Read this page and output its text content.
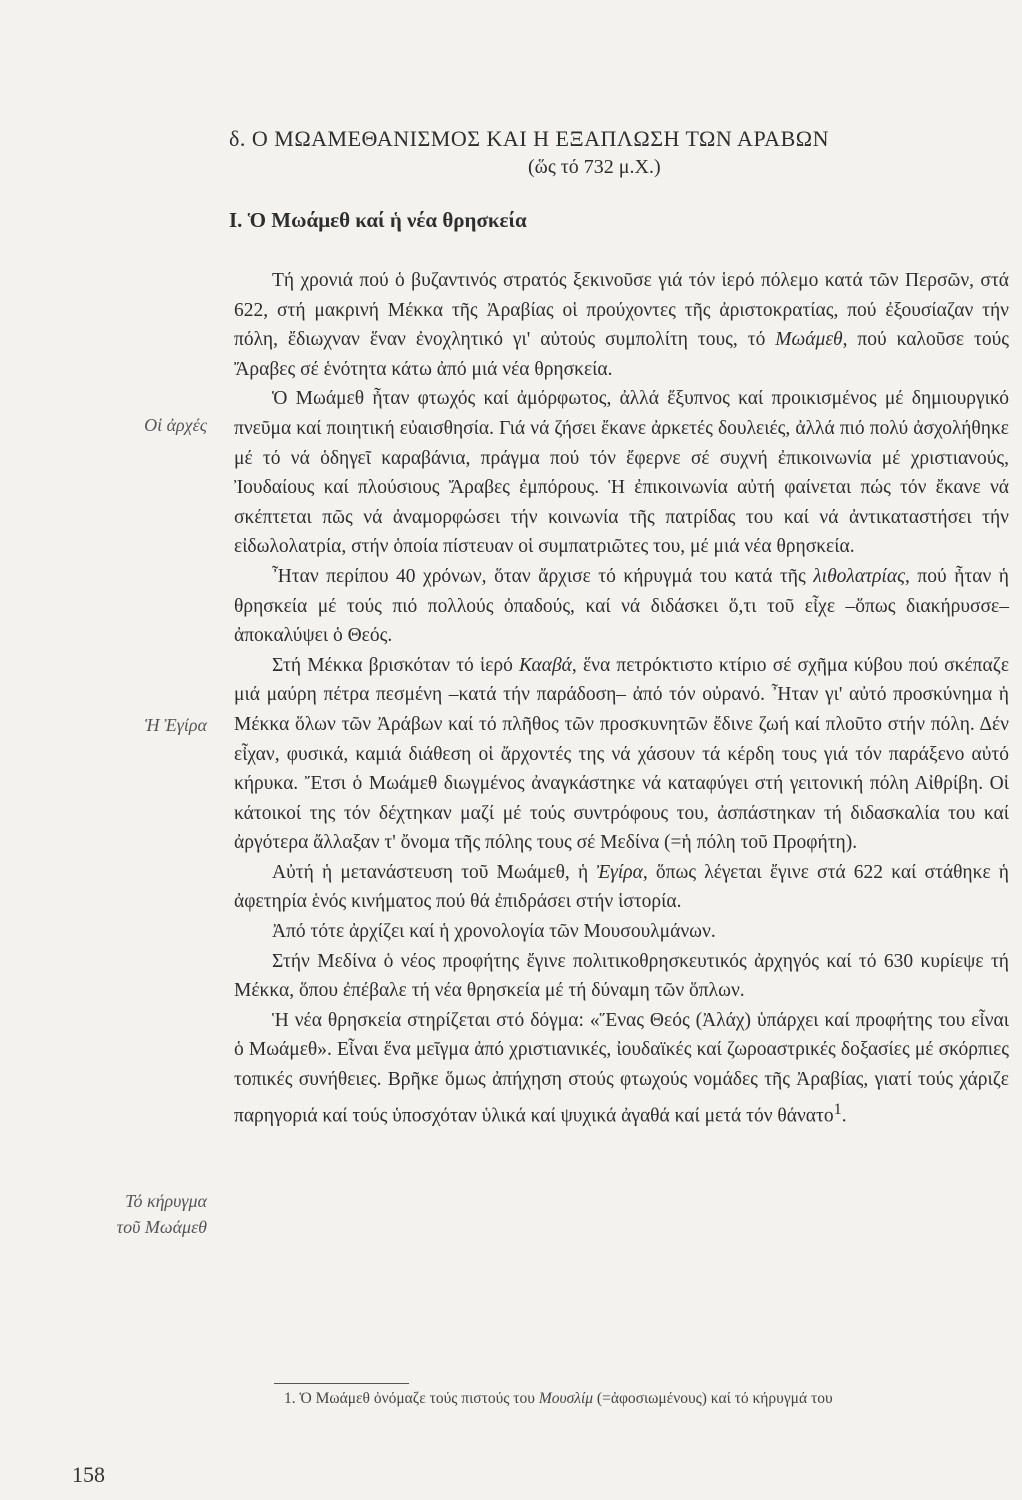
δ. Ο ΜΩΑΜΕΘΑΝΙΣΜΟΣ ΚΑΙ Η ΕΞΑΠΛΩΣΗ ΤΩΝ ΑΡΑΒΩΝ
(ὥς τό 732 μ.Χ.)
Ι. Ὁ Μωάμεθ καί ἡ νέα θρησκεία
Οἱ ἀρχές
Ἡ Ἐγίρα
Τό κήρυγμα
τοῦ Μωάμεθ

Τή χρονιά πού ὁ βυζαντινός στρατός ξεκινοῦσε γιά τόν ἱερό πόλεμο κατά τῶν Περσῶν, στά 622, στή μακρινή Μέκκα τῆς Ἀραβίας οἱ προύχοντες τῆς ἀριστοκρατίας, πού ἐξουσίαζαν τήν πόλη, ἔδιωχναν ἕναν ἐνοχλητικό γι' αὐτούς συμπολίτη τους, τό Μωάμεθ, πού καλοῦσε τούς Ἄραβες σέ ἑνότητα κάτω ἀπό μιά νέα θρησκεία.

Ὁ Μωάμεθ ἦταν φτωχός καί ἀμόρφωτος, ἀλλά ἔξυπνος καί προικισμένος μέ δημιουργικό πνεῦμα καί ποιητική εὐαισθησία. Γιά νά ζήσει ἔκανε ἀρκετές δουλειές, ἀλλά πιό πολύ ἀσχολήθηκε μέ τό νά ὁδηγεῖ καραβάνια, πράγμα πού τόν ἔφερνε σέ συχνή ἐπικοινωνία μέ χριστιανούς, Ἰουδαίους καί πλούσιους Ἄραβες ἐμπόρους. Ἡ ἐπικοινωνία αὐτή φαίνεται πώς τόν ἔκανε νά σκέπτεται πῶς νά ἀναμορφώσει τήν κοινωνία τῆς πατρίδας του καί νά ἀντικαταστήσει τήν εἰδωλολατρία, στήν ὁποία πίστευαν οἱ συμπατριῶτες του, μέ μιά νέα θρησκεία.

Ἦταν περίπου 40 χρόνων, ὅταν ἄρχισε τό κήρυγμά του κατά τῆς λιθολατρίας, πού ἦταν ἡ θρησκεία μέ τούς πιό πολλούς ὀπαδούς, καί νά διδάσκει ὅ,τι τοῦ εἶχε –ὅπως διακήρυσσε– ἀποκαλύψει ὁ Θεός.

Στή Μέκκα βρισκόταν τό ἱερό Κααβά, ἕνα πετρόκτιστο κτίριο σέ σχῆμα κύβου πού σκέπαζε μιά μαύρη πέτρα πεσμένη –κατά τήν παράδοση– ἀπό τόν οὐρανό. Ἦταν γι' αὐτό προσκύνημα ἡ Μέκκα ὅλων τῶν Ἀράβων καί τό πλῆθος τῶν προσκυνητῶν ἔδινε ζωή καί πλοῦτο στήν πόλη. Δέν εἶχαν, φυσικά, καμιά διάθεση οἱ ἄρχοντές της νά χάσουν τά κέρδη τους γιά τόν παράξενο αὐτό κήρυκα. Ἔτσι ὁ Μωάμεθ διωγμένος ἀναγκάστηκε νά καταφύγει στή γειτονική πόλη Αἰθρίβη. Οἱ κάτοικοί της τόν δέχτηκαν μαζί μέ τούς συντρόφους του, ἀσπάστηκαν τή διδασκαλία του καί ἀργότερα ἄλλαξαν τ' ὄνομα τῆς πόλης τους σέ Μεδίνα (=ἡ πόλη τοῦ Προφήτη).

Αὐτή ἡ μετανάστευση τοῦ Μωάμεθ, ἡ Ἐγίρα, ὅπως λέγεται ἔγινε στά 622 καί στάθηκε ἡ ἀφετηρία ἑνός κινήματος πού θά ἐπιδράσει στήν ἱστορία.

Ἀπό τότε ἀρχίζει καί ἡ χρονολογία τῶν Μουσουλμάνων.

Στήν Μεδίνα ὁ νέος προφήτης ἔγινε πολιτικοθρησκευτικός ἀρχηγός καί τό 630 κυρίεψε τή Μέκκα, ὅπου ἐπέβαλε τή νέα θρησκεία μέ τή δύναμη τῶν ὅπλων.

Ἡ νέα θρησκεία στηρίζεται στό δόγμα: «Ἕνας Θεός (Ἀλάχ) ὑπάρχει καί προφήτης του εἶναι ὁ Μωάμεθ». Εἶναι ἕνα μεῖγμα ἀπό χριστιανικές, ἰουδαϊκές καί ζωροαστρικές δοξασίες μέ σκόρπιες τοπικές συνήθειες. Βρῆκε ὅμως ἀπήχηση στούς φτωχούς νομάδες τῆς Ἀραβίας, γιατί τούς χάριζε παρηγοριά καί τούς ὑποσχόταν ὑλικά καί ψυχικά ἀγαθά καί μετά τόν θάνατο$^1$.

1. Ὁ Μωάμεθ ὀνόμαζε τούς πιστούς του Μουσλίμ (=ἀφοσιωμένους) καί τό κήρυγμά του
158
